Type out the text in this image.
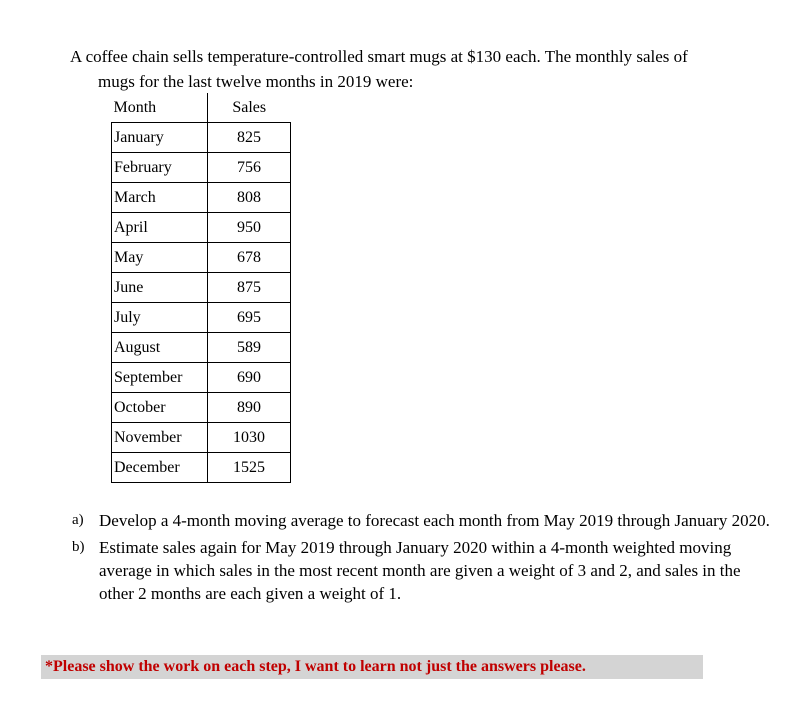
A coffee chain sells temperature-controlled smart mugs at $130 each. The monthly sales of
mugs for the last twelve months in 2019 were:

Month	Sales
January	825
February	756
March	808
April	950
May	678
June	875
July	695
August	589
September	690
October	890
November	1030
December	1525
a) Develop a 4-month moving average to forecast each month from May 2019 through January 2020.
b) Estimate sales again for May 2019 through January 2020 within a 4-month weighted moving average in which sales in the most recent month are given a weight of 3 and 2, and sales in the other 2 months are each given a weight of 1.
*Please show the work on each step, I want to learn not just the answers please.
